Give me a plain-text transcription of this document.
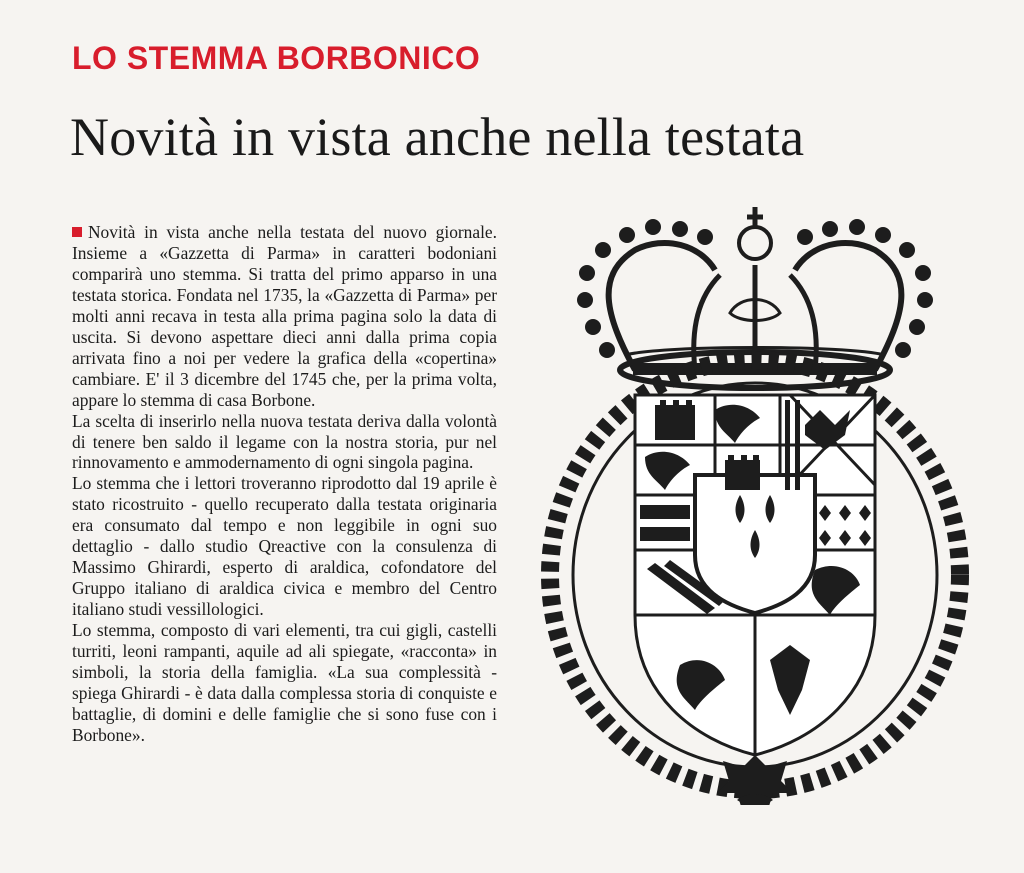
LO STEMMA BORBONICO
Novità in vista anche nella testata

Novità in vista anche nella testata del nuovo giornale. Insieme a «Gazzetta di Parma» in caratteri bodoniani comparirà uno stemma. Si tratta del primo apparso in una testata storica. Fondata nel 1735, la «Gazzetta di Parma» per molti anni recava in testa alla prima pagina solo la data di uscita. Si devono aspettare dieci anni dalla prima copia arrivata fino a noi per vedere la grafica della «copertina» cambiare. E' il 3 dicembre del 1745 che, per la prima volta, appare lo stemma di casa Borbone.

La scelta di inserirlo nella nuova testata deriva dalla volontà di tenere ben saldo il legame con la nostra storia, pur nel rinnovamento e ammodernamento di ogni singola pagina.

Lo stemma che i lettori troveranno riprodotto dal 19 aprile è stato ricostruito - quello recuperato dalla testata originaria era consumato dal tempo e non leggibile in ogni suo dettaglio - dallo studio Qreactive con la consulenza di Massimo Ghirardi, esperto di araldica, cofondatore del Gruppo italiano di araldica civica e membro del Centro italiano studi vessillologici.

Lo stemma, composto di vari elementi, tra cui gigli, castelli turriti, leoni rampanti, aquile ad ali spiegate, «racconta» in simboli, la storia della famiglia. «La sua complessità - spiega Ghirardi - è data dalla complessa storia di conquiste e battaglie, di domini e delle famiglie che si sono fuse con i Borbone».
